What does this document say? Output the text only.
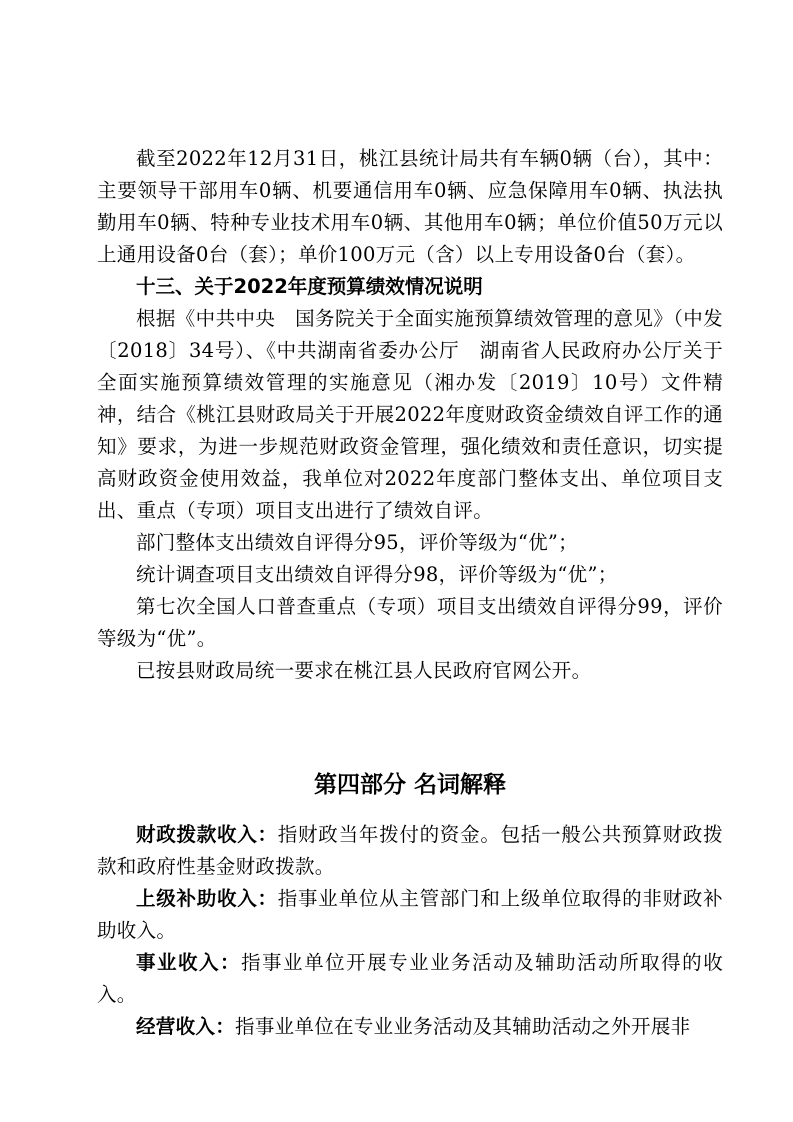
截至2022年12月31日，桃江县统计局共有车辆0辆（台），其中：主要领导干部用车0辆、机要通信用车0辆、应急保障用车0辆、执法执勤用车0辆、特种专业技术用车0辆、其他用车0辆；单位价值50万元以上通用设备0台（套）；单价100万元（含）以上专用设备0台（套）。

十三、关于2022年度预算绩效情况说明

根据《中共中央　国务院关于全面实施预算绩效管理的意见》（中发〔2018〕34号）、《中共湖南省委办公厅　湖南省人民政府办公厅关于全面实施预算绩效管理的实施意见（湘办发〔2019〕10号）文件精神，结合《桃江县财政局关于开展2022年度财政资金绩效自评工作的通知》要求，为进一步规范财政资金管理，强化绩效和责任意识，切实提高财政资金使用效益，我单位对2022年度部门整体支出、单位项目支出、重点（专项）项目支出进行了绩效自评。

部门整体支出绩效自评得分95，评价等级为“优”；

统计调查项目支出绩效自评得分98，评价等级为“优”；

第七次全国人口普查重点（专项）项目支出绩效自评得分99，评价等级为“优”。

已按县财政局统一要求在桃江县人民政府官网公开。

第四部分 名词解释

财政拨款收入：指财政当年拨付的资金。包括一般公共预算财政拨款和政府性基金财政拨款。

上级补助收入：指事业单位从主管部门和上级单位取得的非财政补助收入。

事业收入：指事业单位开展专业业务活动及辅助活动所取得的收入。

经营收入：指事业单位在专业业务活动及其辅助活动之外开展非
